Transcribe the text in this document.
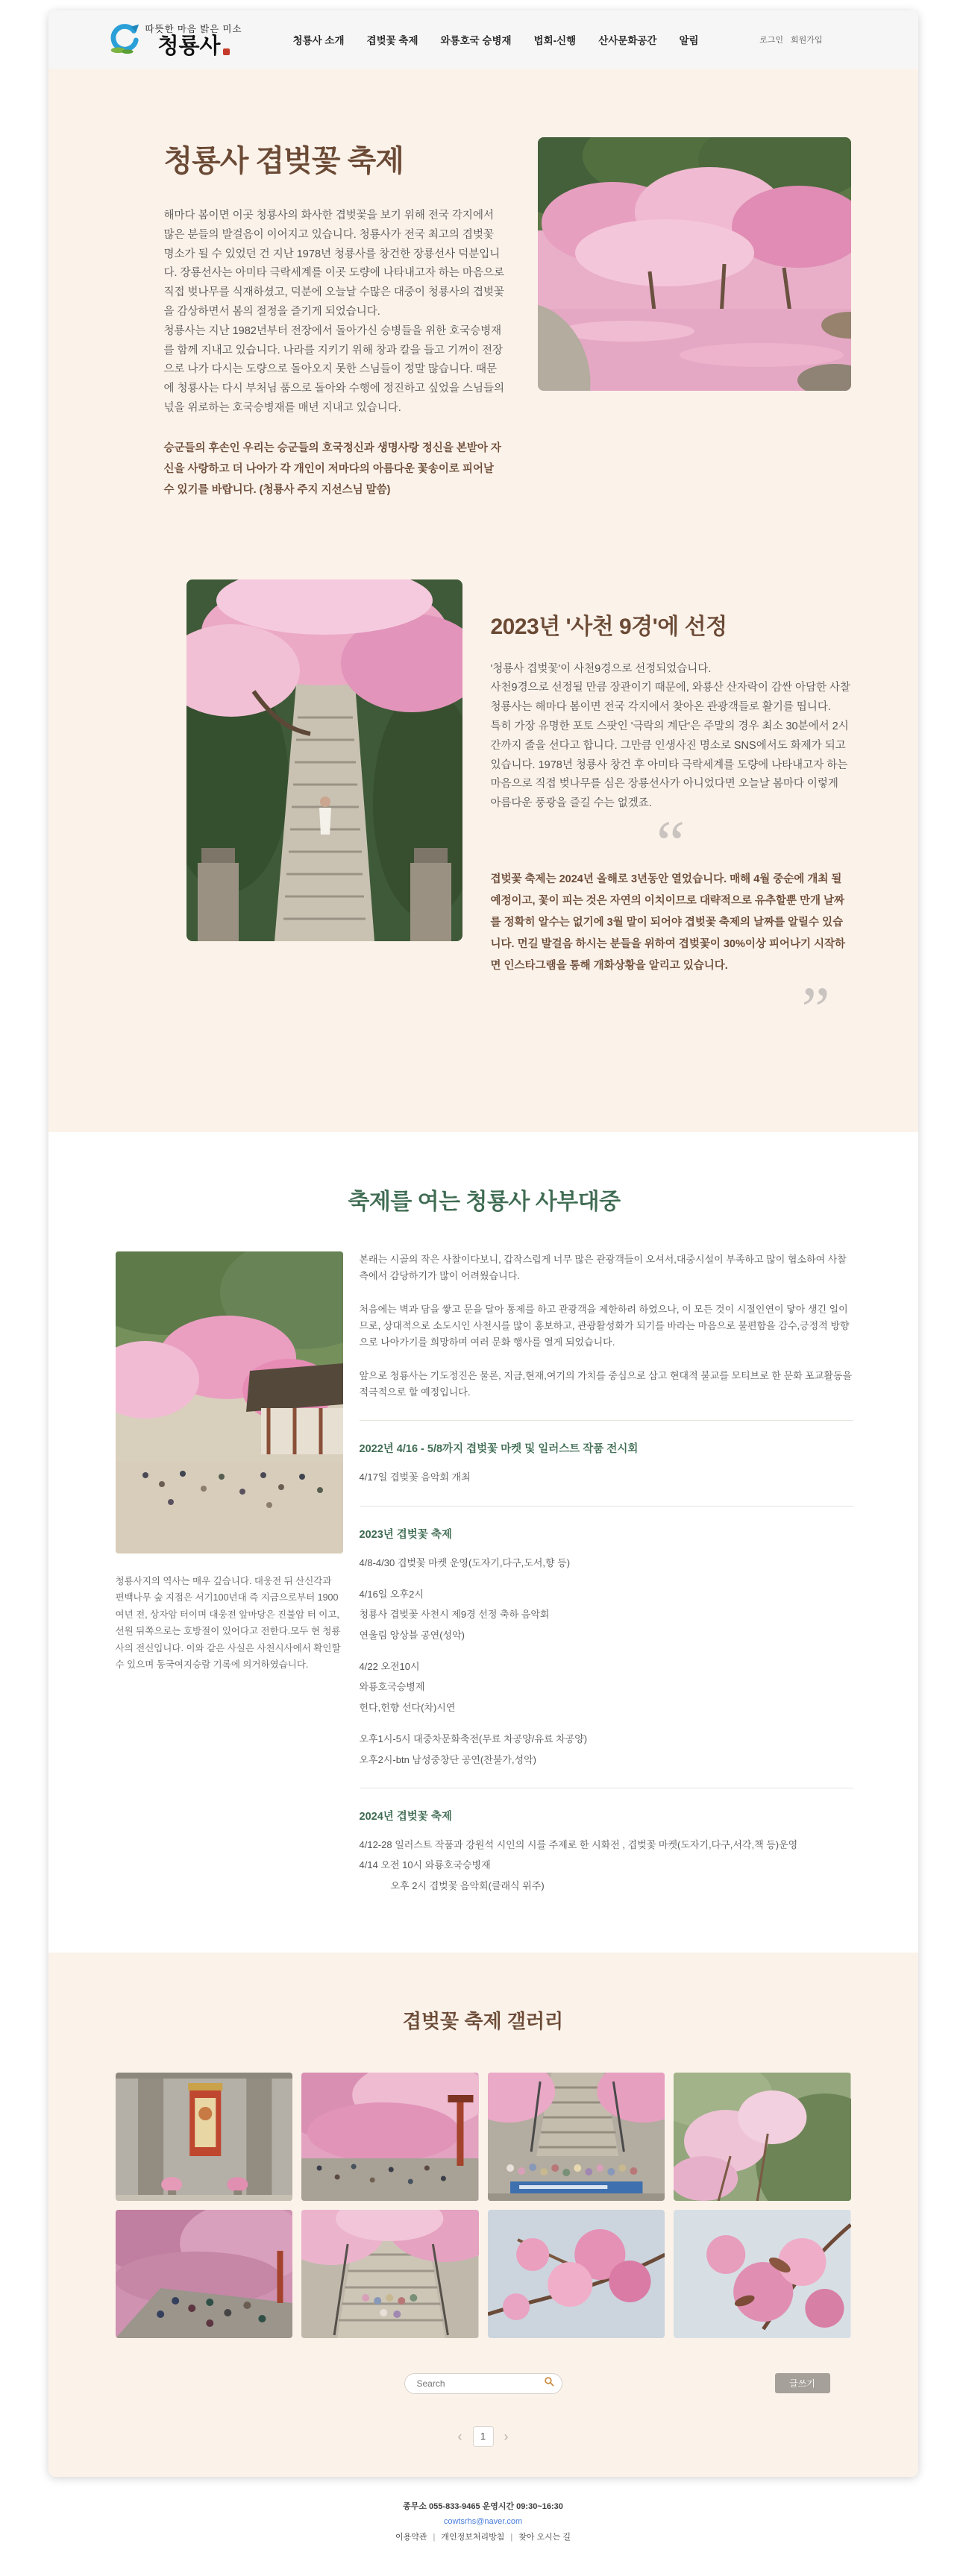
따뜻한 마음 밝은 미소
청룡사	청룡사 소개 겹벚꽃 축제 와룡호국 승병재 법회-신행 산사문화공간 알림	로그인 회원가입
청룡사 겹벚꽃 축제

해마다 봄이면 이곳 청룡사의 화사한 겹벚꽃을 보기 위해 전국 각지에서 많은 분들의 발걸음이 이어지고 있습니다. 청룡사가 전국 최고의 겹벚꽃 명소가 될 수 있었던 건 지난 1978년 청룡사를 창건한 장룡선사 덕분입니다. 장룡선사는 아미타 극락세계를 이곳 도량에 나타내고자 하는 마음으로 직접 벚나무를 식재하셨고, 덕분에 오늘날 수많은 대중이 청룡사의 겹벚꽃을 감상하면서 봄의 절정을 즐기게 되었습니다.

청룡사는 지난 1982년부터 전장에서 돌아가신 승병들을 위한 호국승병재를 함께 지내고 있습니다. 나라를 지키기 위해 창과 칼을 들고 기꺼이 전장으로 나가 다시는 도량으로 돌아오지 못한 스님들이 정말 많습니다. 때문에 청룡사는 다시 부처님 품으로 돌아와 수행에 정진하고 싶었을 스님들의 넋을 위로하는 호국승병재를 매년 지내고 있습니다.

승군들의 후손인 우리는 승군들의 호국정신과 생명사랑 정신을 본받아 자신을 사랑하고 더 나아가 각 개인이 저마다의 아름다운 꽃송이로 피어날 수 있기를 바랍니다. (청룡사 주지 지선스님 말씀)

2023년 '사천 9경'에 선정

'청룡사 겹벚꽃'이 사천9경으로 선정되었습니다.

사천9경으로 선정될 만큼 장관이기 때문에, 와룡산 산자락이 감싼 아담한 사찰 청룡사는 해마다 봄이면 전국 각지에서 찾아온 관광객들로 활기를 띱니다.

특히 가장 유명한 포토 스팟인 '극락의 계단'은 주말의 경우 최소 30분에서 2시간까지 줄을 선다고 합니다. 그만큼 인생사진 명소로 SNS에서도 화제가 되고 있습니다. 1978년 청룡사 창건 후 아미타 극락세계를 도량에 나타내고자 하는 마음으로 직접 벚나무를 심은 장룡선사가 아니었다면 오늘날 봄마다 이렇게 아름다운 풍광을 즐길 수는 없겠죠.

“

겹벚꽃 축제는 2024년 올해로 3년동안 열었습니다. 매해 4월 중순에 개최 될 예정이고, 꽃이 피는 것은 자연의 이치이므로 대략적으로 유추할뿐 만개 날짜를 정확히 알수는 없기에 3월 말이 되어야 겹벚꽃 축제의 날짜를 알릴수 있습니다. 먼길 발걸음 하시는 분들을 위하여 겹벚꽃이 30%이상 피어나기 시작하면 인스타그램을 통해 개화상황을 알리고 있습니다.

”
축제를 여는 청룡사 사부대중
청룡사지의 역사는 매우 깊습니다. 대웅전 뒤 산신각과 편백나무 숲 지점은 서기100년대 즉 지금으로부터 1900여년 전, 상자암 터이며 대웅전 앞마당은 진불암 터 이고, 선원 뒤쪽으로는 호방절이 있어다고 전한다.모두 현 청룡사의 전신입니다. 이와 같은 사실은 사천시사에서 확인할 수 있으며 동국여지승람 기록에 의거하였습니다.

본래는 시골의 작은 사찰이다보니, 갑작스럽게 너무 많은 관광객들이 오셔서,대중시설이 부족하고 많이 협소하여 사찰측에서 감당하기가 많이 어려웠습니다.

처음에는 벽과 담을 쌓고 문을 달아 통제를 하고 관광객을 제한하려 하였으나, 이 모든 것이 시절인연이 닿아 생긴 일이므로, 상대적으로 소도시인 사천시를 많이 홍보하고, 관광활성화가 되기를 바라는 마음으로 불편함을 감수,긍정적 방향으로 나아가기를 희망하며 여러 문화 행사를 열게 되었습니다.

앞으로 청룡사는 기도정진은 물론, 지금,현재,여기의 가치를 중심으로 삼고 현대적 불교를 모티브로 한 문화 포교활동을 적극적으로 할 예정입니다.

2022년 4/16 - 5/8까지 겹벚꽃 마켓 및 일러스트 작품 전시회
4/17일 겹벚꽃 음악회 개최
2023년 겹벚꽃 축제
4/8-4/30 겹벚꽃 마켓 운영(도자기,다구,도서,향 등)
4/16일 오후2시
청룡사 겹벚꽃 사천시 제9경 선정 축하 음악회
연울림 앙상블 공연(성악)
4/22 오전10시
와룡호국승병제
헌다,헌향 선다(차)시연
오후1시-5시 대중차문화축전(무료 차공양/유료 차공양)
오후2시-btn 남성중창단 공연(찬불가,성악)
2024년 겹벚꽃 축제
4/12-28 일러스트 작품과 강원석 시인의 시를 주제로 한 시화전 , 겹벚꽃 마켓(도자기,다구,서각,책 등)운영
4/14 오전 10시 와룡호국승병재
오후 2시 겹벚꽃 음악회(클래식 위주)
겹벚꽃 축제 갤러리
Search
글쓰기
‹	1	›
종무소 055-833-9465 운영시간 09:30~16:30
cowtsrhs@naver.com
이용약관 | 개인정보처리방침 | 찾아 오시는 길
